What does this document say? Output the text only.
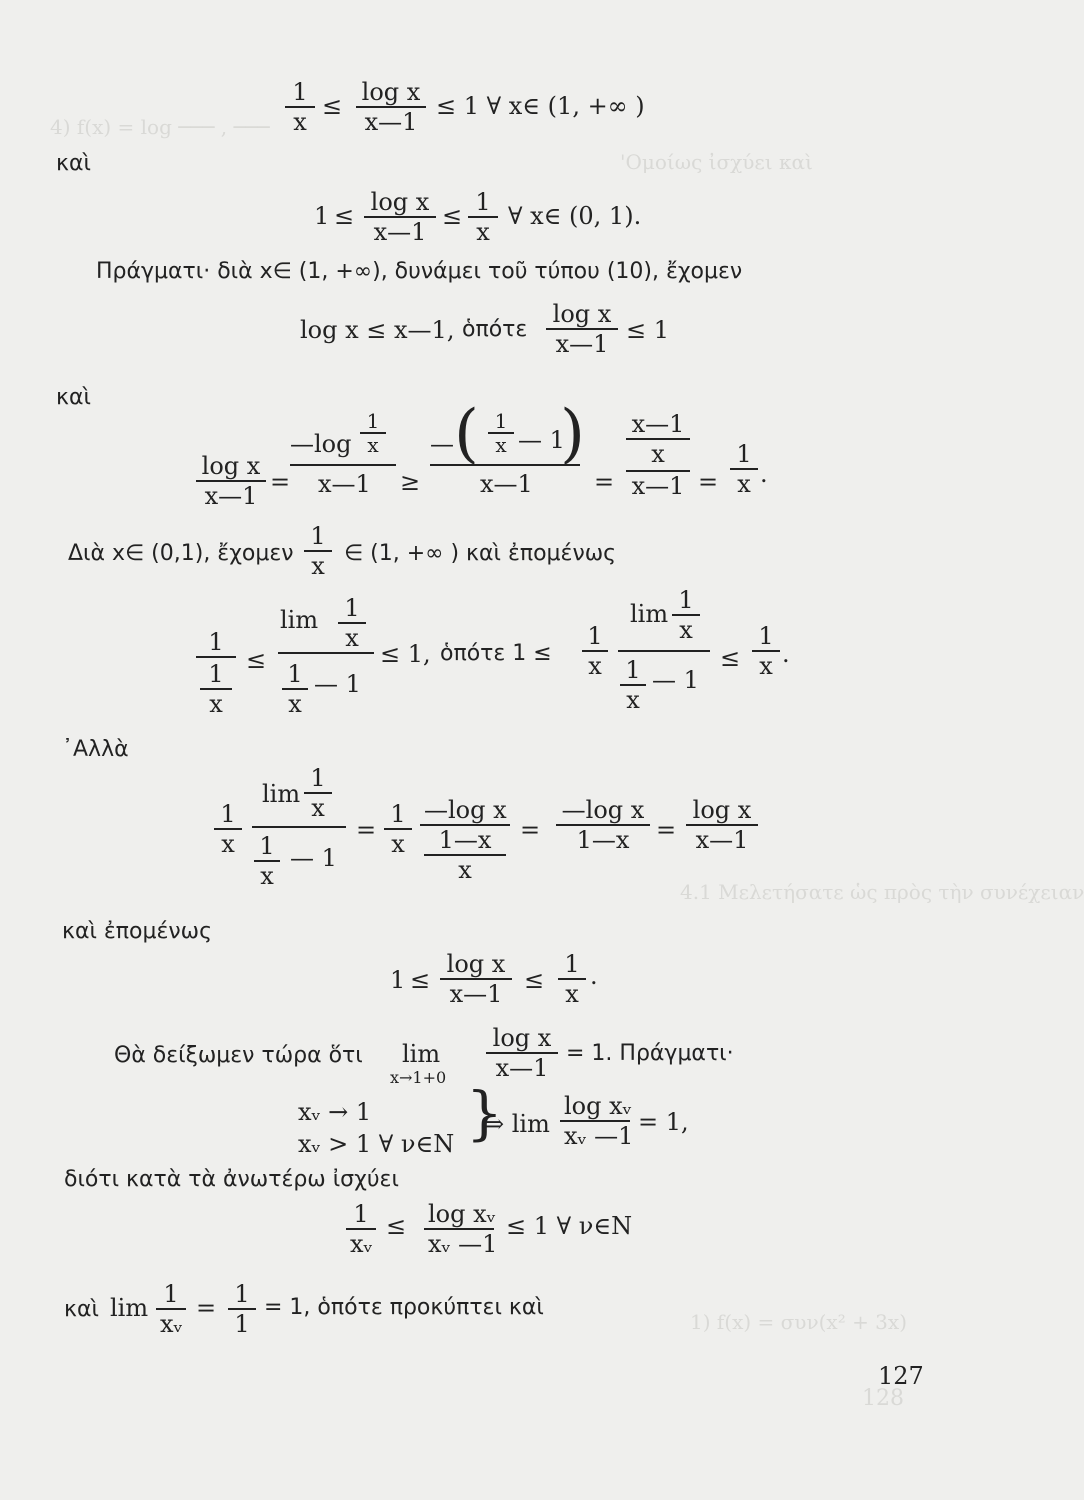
4) f(x) = log ─── , ───
'Ομοίως ἰσχύει καὶ
4.1 Μελετήσατε ὡς πρὸς τὴν συνέχειαν
1) f(x) = συν(x² + 3x)
$\frac{1}{x} \le \frac{\text{log x}}{x—1} \le 1$ ∀ x∈ (1, +∞ )
καὶ
$1 \le \frac{\text{log x}}{x—1} \le \frac{1}{x}$ ∀ x∈ (0, 1).
Πράγματι· διὰ x∈ (1, +∞), δυνάμει τοῦ τύπου (10), ἔχομεν
log x ≤ x—1, ὁπότε $\frac{\text{log x}}{x—1} \le 1$
καὶ
$\frac{\text{log x}}{x—1}$ =
—log $\frac{1}{x}$
x—1 ≥
— ( $\frac{1}{x}$ — 1
)
x—1	= x—1
x
x—1 = $\frac{1}{x}$ .
Διὰ x∈ (0,1), ἔχομεν $\frac{1}{x}$ ∈ (1, +∞ ) καὶ ἐπομένως
1
1
x ≤
$\lim \frac{1}{x}$
$\frac{1}{x}$ — 1
≤ 1, ὁπότε $1 \le \frac{1}{x}$
$\lim \frac{1}{x}$
$\frac{1}{x}$ — 1
≤ $\frac{1}{x}$ .
᾿Αλλὰ
$\frac{1}{x}$
$\lim \frac{1}{x}$
$\frac{1}{x}$ — 1
= $\frac{1}{x}$ —log x
1—x
$x = \frac{\text{—log x}}{1—x} = \frac{\text{log x}}{x—1}$
καὶ ἐπομένως
$1 \le \frac{\text{log x}}{x—1} \le \frac{1}{x}$ .
Θὰ δείξωμεν τώρα ὅτι lim
$x\to 1+0 \frac{\text{log x}}{x—1} = 1$. Πράγματι·
xᵥ → 1
xᵥ > 1 ∀ ν∈N }
⇒ $\lim \frac{\text{log xᵥ}}{\text{xᵥ —1}} = 1$,
διότι κατὰ τὰ ἀνωτέρω ἰσχύει
$\frac{1}{\text{xᵥ}} \le \frac{\text{log xᵥ}}{\text{xᵥ —1}} \le 1$ ∀ ν∈N
καὶ $\lim \frac{1}{\text{xᵥ}} = \frac{1}{1} = 1$, ὁπότε προκύπτει καὶ
127
128
